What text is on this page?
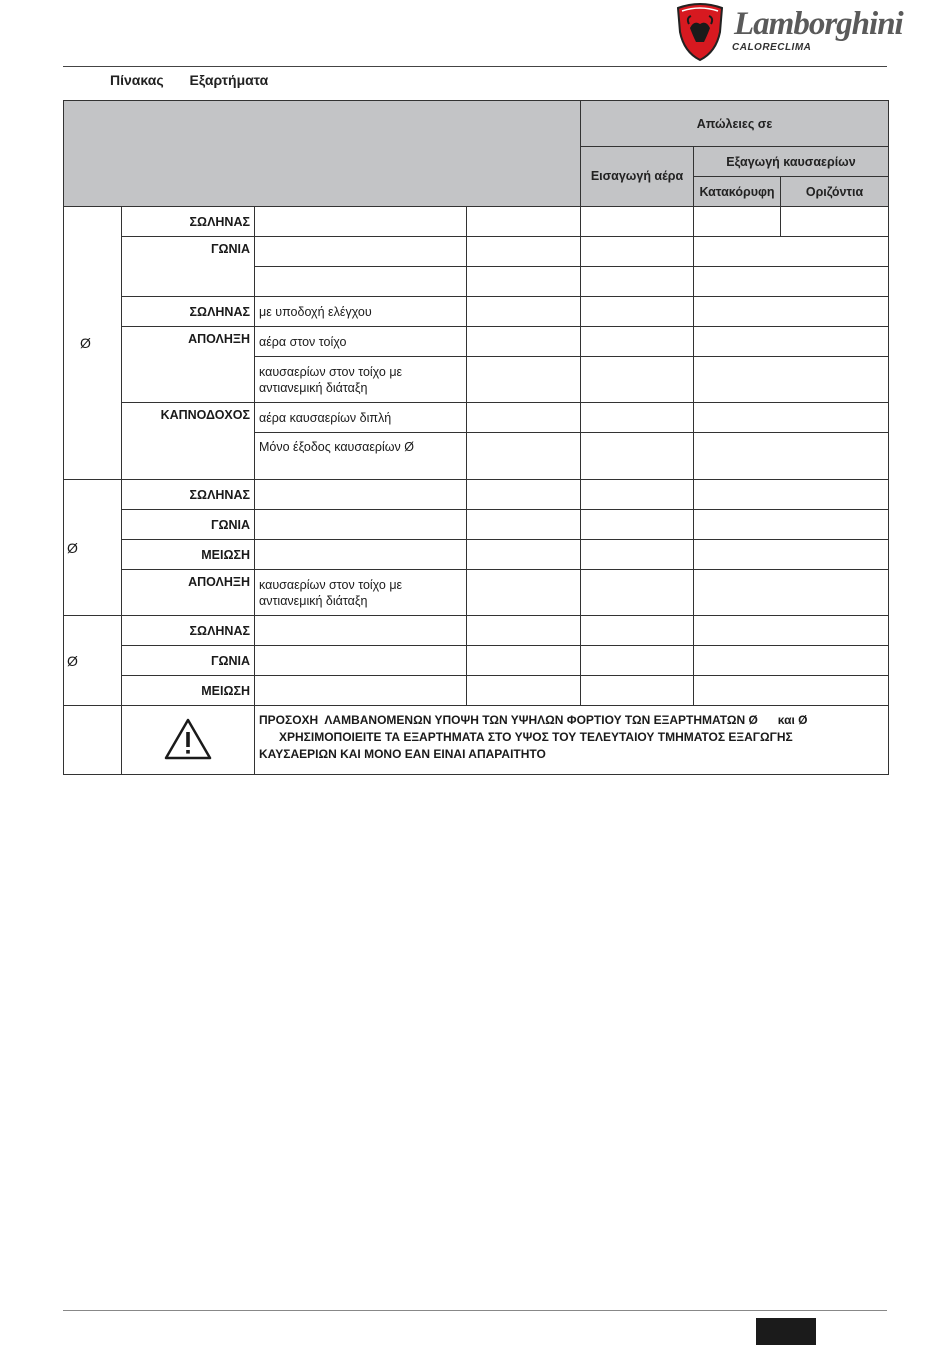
Lamborghini
CALORECLIMA
Πίνακας Εξαρτήματα
				Απώλειες σε		
				Εισαγωγή αέρα	Εξαγωγή καυσαερίων	
					Κατακόρυφη	Οριζόντια
Ø	ΣΩΛΗΝΑΣ					
	ΓΩΝΙΑ					

	ΣΩΛΗΝΑΣ	με υποδοχή ελέγχου				
	ΑΠΟΛΗΞΗ	αέρα στον τοίχο				
		καυσαερίων στον τοίχο με αντιανεμική διάταξη				
	ΚΑΠΝΟΔΟΧΟΣ	αέρα καυσαερίων διπλή				
		Μόνο έξοδος καυσαερίων Ø				
Ø	ΣΩΛΗΝΑΣ					
	ΓΩΝΙΑ					
	ΜΕΙΩΣΗ					
	ΑΠΟΛΗΞΗ	καυσαερίων στον τοίχο με αντιανεμική διάταξη				
Ø	ΣΩΛΗΝΑΣ					
	ΓΩΝΙΑ					
	ΜΕΙΩΣΗ					

ΠΡΟΣΟΧΗ  ΛΑΜΒΑΝΟΜΕΝΩΝ ΥΠΟΨΗ ΤΩΝ ΥΨΗΛΩΝ ΦΟΡΤΙΟΥ ΤΩΝ ΕΞΑΡΤΗΜΑΤΩΝ Ø      και Ø
ΧΡΗΣΙΜΟΠΟΙΕΙΤΕ ΤΑ ΕΞΑΡΤΗΜΑΤΑ ΣΤΟ ΥΨΟΣ ΤΟΥ ΤΕΛΕΥΤΑΙΟΥ ΤΜΗΜΑΤΟΣ ΕΞΑΓΩΓΗΣ
ΚΑΥΣΑΕΡΙΩΝ ΚΑΙ ΜΟΝΟ ΕΑΝ ΕΙΝΑΙ ΑΠΑΡΑΙΤΗΤΟ				
